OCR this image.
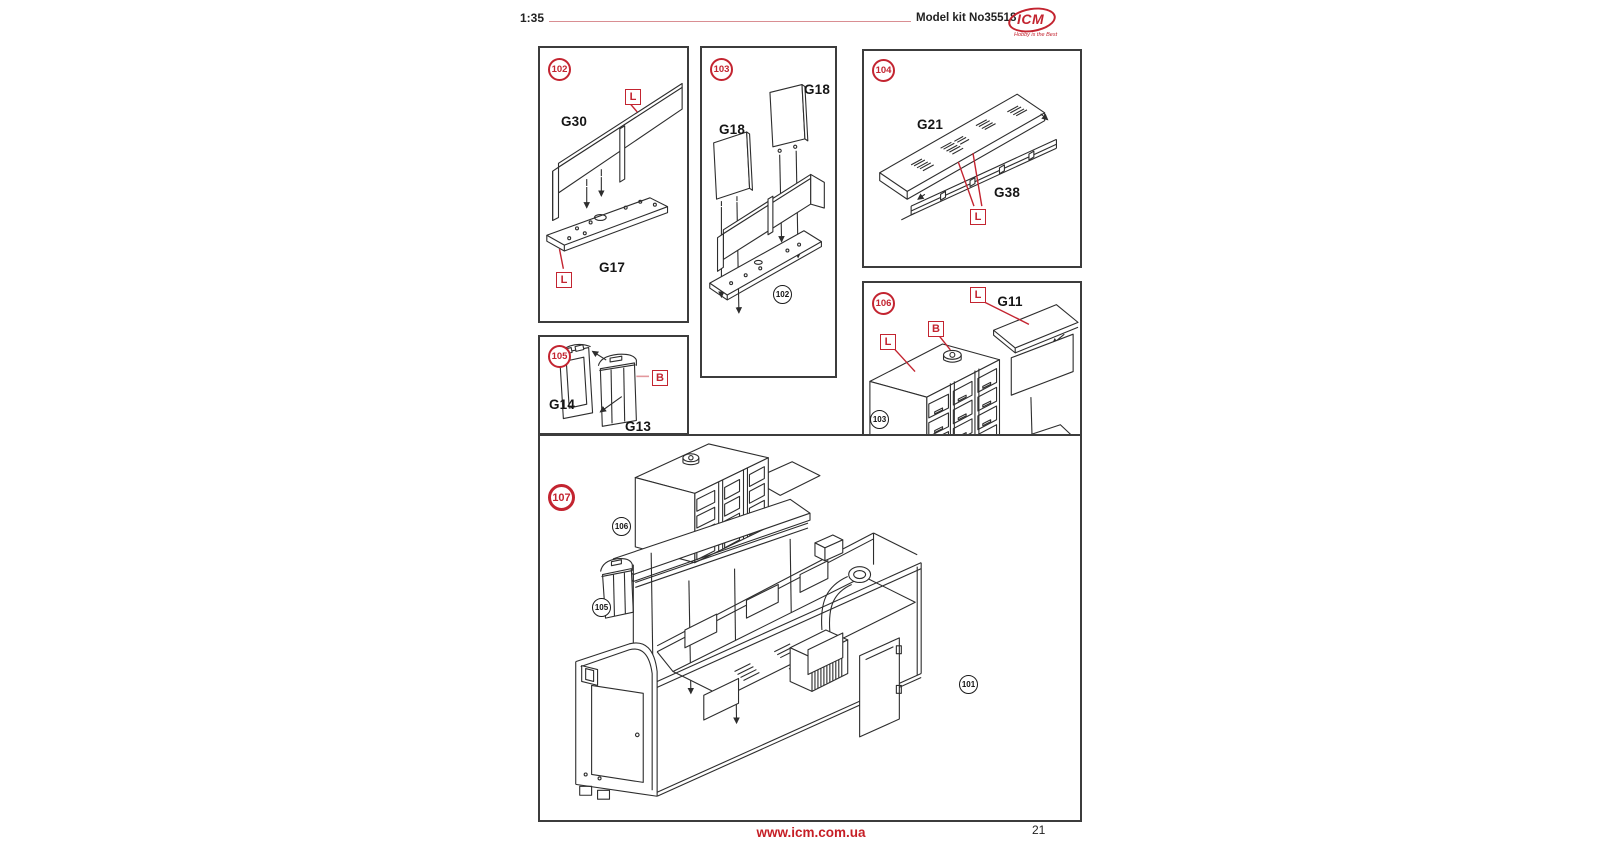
1:35	Model kit No35518 ICM
Hobby is the Best
102
L
L
G30
G17
103
102
G18
G18
104
L
G21
G38
105
B
G14
G13
106
L
B
L
G11
103
107
106
105
101
www.icm.com.ua	21
